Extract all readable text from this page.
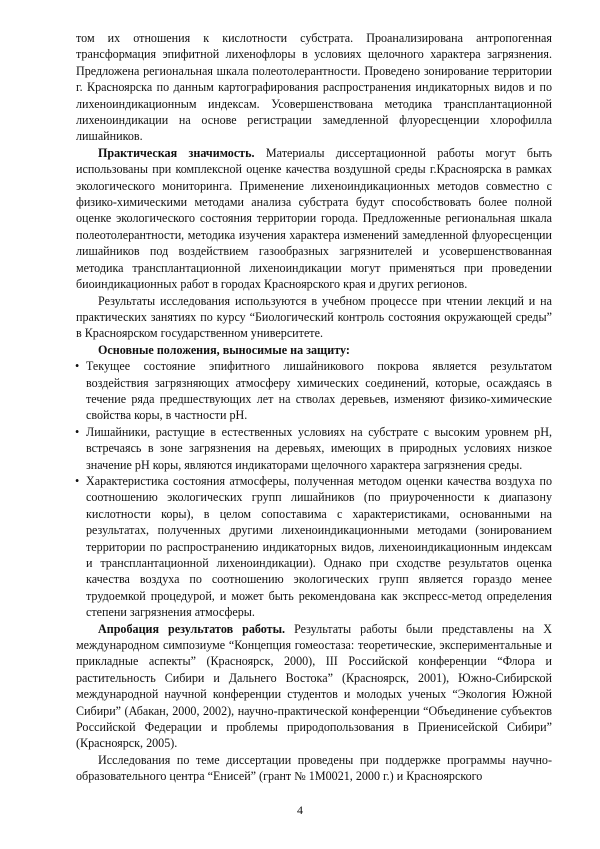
том их отношения к кислотности субстрата. Проанализирована антропогенная трансформация эпифитной лихенофлоры в условиях щелочного характера загрязнения. Предложена региональная шкала полеотолерантности. Проведено зонирование территории г. Красноярска по данным картографирования распространения индикаторных видов и по лихеноиндикационным индексам. Усовершенствована методика трансплантационной лихеноиндикации на основе регистрации замедленной флуоресценции хлорофилла лишайников.

Практическая значимость. Материалы диссертационной работы могут быть использованы при комплексной оценке качества воздушной среды г.Красноярска в рамках экологического мониторинга. Применение лихеноиндикационных методов совместно с физико-химическими методами анализа субстрата будут способствовать более полной оценке экологического состояния территории города. Предложенные региональная шкала полеотолерантности, методика изучения характера изменений замедленной флуоресценции лишайников под воздействием газообразных загрязнителей и усовершенствованная методика трансплантационной лихеноиндикации могут применяться при проведении биоиндикационных работ в городах Красноярского края и других регионов.

Результаты исследования используются в учебном процессе при чтении лекций и на практических занятиях по курсу “Биологический контроль состояния окружающей среды” в Красноярском государственном университете.

Основные положения, выносимые на защиту:

• Текущее состояние эпифитного лишайникового покрова является результатом воздействия загрязняющих атмосферу химических соединений, которые, осаждаясь в течение ряда предшествующих лет на стволах деревьев, изменяют физико-химические свойства коры, в частности рН.
• Лишайники, растущие в естественных условиях на субстрате с высоким уровнем рН, встречаясь в зоне загрязнения на деревьях, имеющих в природных условиях низкое значение рН коры, являются индикаторами щелочного характера загрязнения среды.
• Характеристика состояния атмосферы, полученная методом оценки качества воздуха по соотношению экологических групп лишайников (по приуроченности к диапазону кислотности коры), в целом сопоставима с характеристиками, основанными на результатах, полученных другими лихеноиндикационными методами (зонированием территории по распространению индикаторных видов, лихеноиндикационным индексам и трансплантационной лихеноиндикации). Однако при сходстве результатов оценка качества воздуха по соотношению экологических групп является гораздо менее трудоемкой процедурой, и может быть рекомендована как экспресс-метод определения степени загрязнения атмосферы.

Апробация результатов работы. Результаты работы были представлены на Х международном симпозиуме “Концепция гомеостаза: теоретические, экспериментальные и прикладные аспекты” (Красноярск, 2000), III Российской конференции “Флора и растительность Сибири и Дальнего Востока” (Красноярск, 2001), Южно-Сибирской международной научной конференции студентов и молодых ученых “Экология Южной Сибири” (Абакан, 2000, 2002), научно-практической конференции “Объединение субъектов Российской Федерации и проблемы природопользования в Приенисейской Сибири” (Красноярск, 2005).

Исследования по теме диссертации проведены при поддержке программы научно-образовательного центра “Енисей” (грант № 1М0021, 2000 г.) и Красноярского

4
